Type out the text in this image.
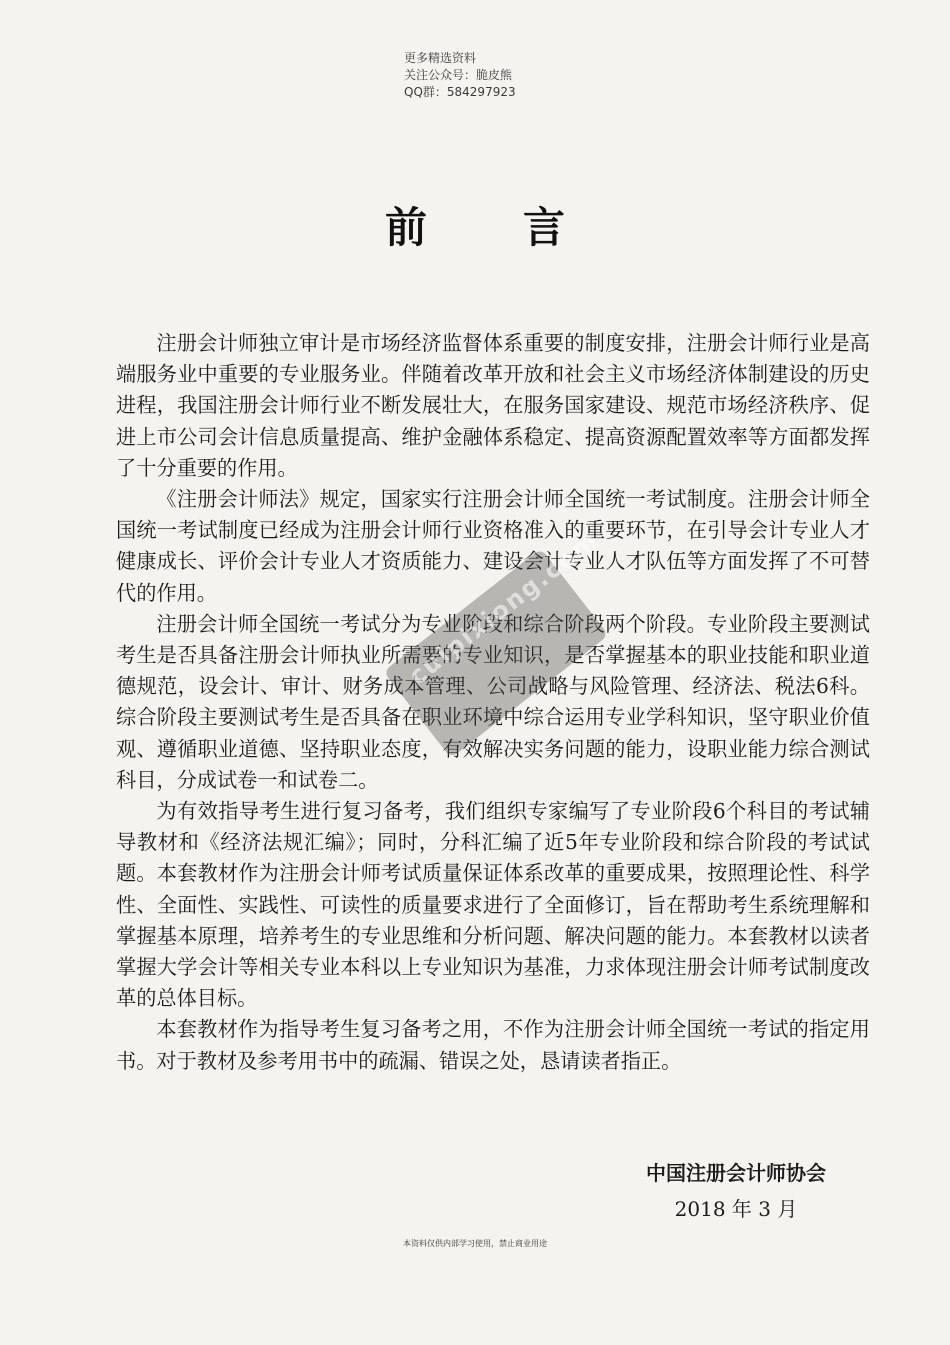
更多精选资料
关注公众号：脆皮熊
QQ群：584297923
前言

注册会计师独立审计是市场经济监督体系重要的制度安排，注册会计师行业是高端服务业中重要的专业服务业。伴随着改革开放和社会主义市场经济体制建设的历史进程，我国注册会计师行业不断发展壮大，在服务国家建设、规范市场经济秩序、促进上市公司会计信息质量提高、维护金融体系稳定、提高资源配置效率等方面都发挥了十分重要的作用。

《注册会计师法》规定，国家实行注册会计师全国统一考试制度。注册会计师全国统一考试制度已经成为注册会计师行业资格准入的重要环节，在引导会计专业人才健康成长、评价会计专业人才资质能力、建设会计专业人才队伍等方面发挥了不可替代的作用。

注册会计师全国统一考试分为专业阶段和综合阶段两个阶段。专业阶段主要测试考生是否具备注册会计师执业所需要的专业知识，是否掌握基本的职业技能和职业道德规范，设会计、审计、财务成本管理、公司战略与风险管理、经济法、税法6科。综合阶段主要测试考生是否具备在职业环境中综合运用专业学科知识，坚守职业价值观、遵循职业道德、坚持职业态度，有效解决实务问题的能力，设职业能力综合测试科目，分成试卷一和试卷二。

为有效指导考生进行复习备考，我们组织专家编写了专业阶段6个科目的考试辅导教材和《经济法规汇编》；同时，分科汇编了近5年专业阶段和综合阶段的考试试题。本套教材作为注册会计师考试质量保证体系改革的重要成果，按照理论性、科学性、全面性、实践性、可读性的质量要求进行了全面修订，旨在帮助考生系统理解和掌握基本原理，培养考生的专业思维和分析问题、解决问题的能力。本套教材以读者掌握大学会计等相关专业本科以上专业知识为基准，力求体现注册会计师考试制度改革的总体目标。

本套教材作为指导考生复习备考之用，不作为注册会计师全国统一考试的指定用书。对于教材及参考用书中的疏漏、错误之处，恳请读者指正。

cuipixiong.com
中国注册会计师协会
2018 年 3 月
本资料仅供内部学习使用，禁止商业用途
